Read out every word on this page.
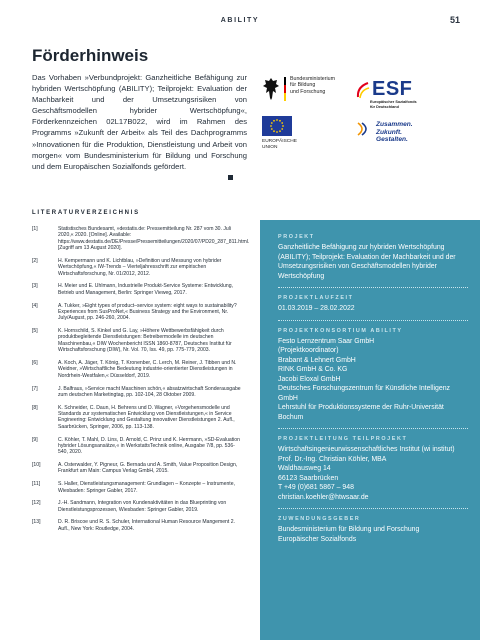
ABILITY	51
Förderhinweis

Das Vorhaben »Verbundprojekt: Ganzheitliche Befähigung zur hybriden Wertschöpfung (ABILITY); Teilprojekt: Evaluation der Machbarkeit und der Umsetzungsrisiken von Geschäftsmodellen hybrider Wertschöpfung«, Förderkennzeichen 02L17B022, wird im Rahmen des Programms »Zukunft der Arbeit« als Teil des Dachprogramms »Innovationen für die Produktion, Dienstleistung und Arbeit von morgen« vom Bundesministerium für Bildung und Forschung und dem Europäischen Sozialfonds gefördert.

Bundesministerium
für Bildung
und Forschung	ESF
Europäischer Sozialfonds
für Deutschland
EUROPÄISCHE
UNION
Zusammen.
Zukunft.
Gestalten.
LITERATURVERZEICHNIS
[1]	Statistisches Bundesamt, »destatis.de: Pressemitteilung Nr. 287 vom 30. Juli 2020,« 2020. [Online]. Available: https://www.destatis.de/DE/Presse/Pressemitteilungen/2020/07/PD20_287_811.html. [Zugriff am 13 August 2020].
[2]	H. Kempermann und K. Lichtblau, »Definition und Messung von hybrider Wertschöpfung,« IW-Trends – Vierteljahresschrift zur empirischen Wirtschaftsforschung, Nr. 01/2012, 2012.
[3]	H. Meier und E. Uhlmann, Industrielle Produkt-Service Systeme: Entwicklung, Betrieb und Management, Berlin: Springer Vieweg, 2017.
[4]	A. Tukker, »Eight types of product–service system: eight ways to sustainability? Experiences from SusProNet,« Business Strategy and the Environment, Nr. July/August, pp. 246-260, 2004.
[5]	K. Hornschild, S. Kinkel und G. Lay, »Höhere Wettbewerbsfähigkeit durch produktbegleitende Dienstleistungen: Betreibermodelle im deutschen Maschinenbau,« DIW Wochenbericht ISSN 1860-8787, Deutsches Institut für Wirtschaftsforschung (DIW), Nr. Vol. 70, Iss. 49, pp. 775-779, 2003.
[6]	A. Koch, A. Jäger, T. König, T. Kronenber, C. Lerch, M. Reiner, J. Tibben und N. Weidner, »Wirtschaftliche Bedeutung industrie-orientierter Dienstleistungen in Nordrhein-Westfalen,« Düsseldorf, 2019.
[7]	J. Balfraus, »Service macht Maschinen schön,« absatzwirtschaft Sonderausgabe zum deutschen Marketingtag, pp. 102-104, 28 Oktober 2009.
[8]	K. Schneider, C. Daun, H. Behrens und D. Wagner, »Vorgehensmodelle und Standards zur systematischen Entwicklung von Dienstleistungen,« in Service Engineering: Entwicklung und Gestaltung innovativer Dienstleistungen 2. Aufl., Saarbrücken, Springer, 2006, pp. 113-138.
[9]	C. Köhler, T. Mahl, D. Lins, D. Arnold, C. Prinz und K. Herrmann, »SD-Evaluation hybrider Lösungsansätze,« in WerkstattsTechnik online, Ausgabe 7/8, pp. 536-540, 2020.
[10]	A. Osterwalder, Y. Pigneur, G. Bernada und A. Smith, Value Proposition Design, Frankfurt am Main: Campus Verlag GmbH, 2015.
[11]	S. Haller, Dienstleistungsmanagement: Grundlagen – Konzepte – Instrumente, Wiesbaden: Springer Gabler, 2017.
[12]	J.-H. Sandmann, Integration von Kundenaktivitäten in das Blueprinting von Dienstleistungsprozessen, Wiesbaden: Springer Gabler, 2019.
[13]	D. R. Briscoe und R. S. Schuler, International Human Resource Mangement 2. Aufl., New York: Routledge, 2004.

PROJEKT

Ganzheitliche Befähigung zur hybriden Wertschöpfung (ABILITY); Teilprojekt: Evaluation der Machbarkeit und der Umsetzungsrisiken von Geschäftsmodellen hybrider Wertschöpfung

PROJEKTLAUFZEIT

01.03.2019 – 28.02.2022

PROJEKTKONSORTIUM ABILITY

Festo Lernzentrum Saar GmbH
(Projektkoordinator)
Brabant & Lehnert GmbH
RINK GmbH & Co. KG
Jacobi Eloxal GmbH
Deutsches Forschungszentrum für Künstliche Intelligenz GmbH
Lehrstuhl für Produktionssysteme der Ruhr-Universität Bochum

PROJEKTLEITUNG TEILPROJEKT

Wirtschaftsingenieurwissenschaftliches Institut (wi institut)
Prof. Dr.-Ing. Christian Köhler, MBA
Waldhausweg 14
66123 Saarbrücken
T +49 (0)681 5867 – 948
christian.koehler@htwsaar.de

ZUWENDUNGSGEBER

Bundesministerium für Bildung und Forschung
Europäischer Sozialfonds
